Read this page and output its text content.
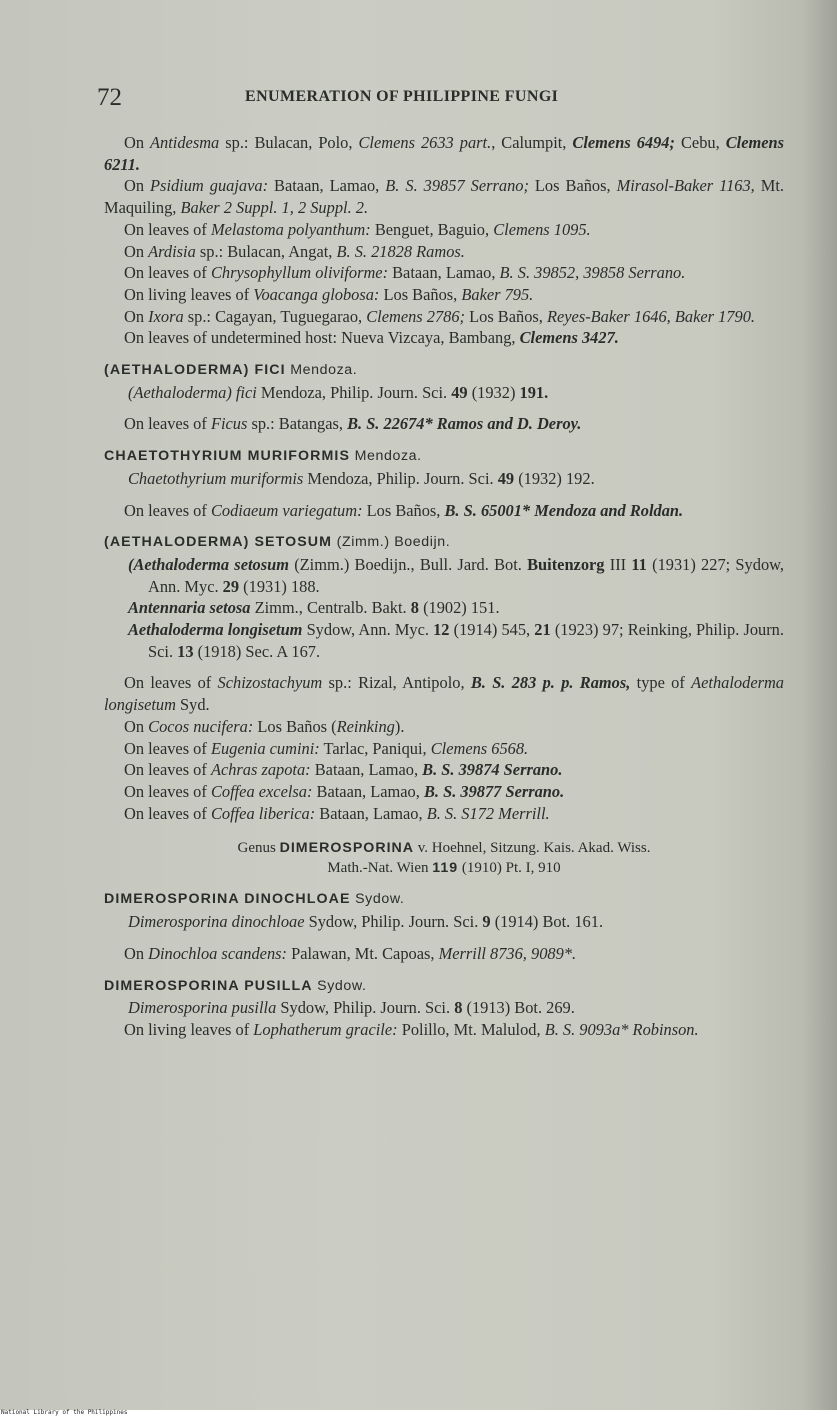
72	ENUMERATION OF PHILIPPINE FUNGI

On Antidesma sp.: Bulacan, Polo, Clemens 2633 part., Calumpit, Clemens 6494; Cebu, Clemens 6211.

On Psidium guajava: Bataan, Lamao, B. S. 39857 Serrano; Los Baños, Mirasol-Baker 1163, Mt. Maquiling, Baker 2 Suppl. 1, 2 Suppl. 2.

On leaves of Melastoma polyanthum: Benguet, Baguio, Clemens 1095.

On Ardisia sp.: Bulacan, Angat, B. S. 21828 Ramos.

On leaves of Chrysophyllum oliviforme: Bataan, Lamao, B. S. 39852, 39858 Serrano.

On living leaves of Voacanga globosa: Los Baños, Baker 795.

On Ixora sp.: Cagayan, Tuguegarao, Clemens 2786; Los Baños, Reyes-Baker 1646, Baker 1790.

On leaves of undetermined host: Nueva Vizcaya, Bambang, Clemens 3427.

(AETHALODERMA) FICI Mendoza.

(Aethaloderma) fici Mendoza, Philip. Journ. Sci. 49 (1932) 191.

On leaves of Ficus sp.: Batangas, B. S. 22674* Ramos and D. Deroy.

CHAETOTHYRIUM MURIFORMIS Mendoza.

Chaetothyrium muriformis Mendoza, Philip. Journ. Sci. 49 (1932) 192.

On leaves of Codiaeum variegatum: Los Baños, B. S. 65001* Mendoza and Roldan.

(AETHALODERMA) SETOSUM (Zimm.) Boedijn.

(Aethaloderma setosum (Zimm.) Boedijn., Bull. Jard. Bot. Buitenzorg III 11 (1931) 227; Sydow, Ann. Myc. 29 (1931) 188.

Antennaria setosa Zimm., Centralb. Bakt. 8 (1902) 151.

Aethaloderma longisetum Sydow, Ann. Myc. 12 (1914) 545, 21 (1923) 97; Reinking, Philip. Journ. Sci. 13 (1918) Sec. A 167.

On leaves of Schizostachyum sp.: Rizal, Antipolo, B. S. 283 p. p. Ramos, type of Aethaloderma longisetum Syd.

On Cocos nucifera: Los Baños (Reinking).

On leaves of Eugenia cumini: Tarlac, Paniqui, Clemens 6568.

On leaves of Achras zapota: Bataan, Lamao, B. S. 39874 Serrano.

On leaves of Coffea excelsa: Bataan, Lamao, B. S. 39877 Serrano.

On leaves of Coffea liberica: Bataan, Lamao, B. S. S172 Merrill.

Genus DIMEROSPORINA v. Hoehnel, Sitzung. Kais. Akad. Wiss.
Math.-Nat. Wien 119 (1910) Pt. I, 910

DIMEROSPORINA DINOCHLOAE Sydow.

Dimerosporina dinochloae Sydow, Philip. Journ. Sci. 9 (1914) Bot. 161.

On Dinochloa scandens: Palawan, Mt. Capoas, Merrill 8736, 9089*.

DIMEROSPORINA PUSILLA Sydow.

Dimerosporina pusilla Sydow, Philip. Journ. Sci. 8 (1913) Bot. 269.

On living leaves of Lophatherum gracile: Polillo, Mt. Malulod, B. S. 9093a* Robinson.

National Library of the Philippines
